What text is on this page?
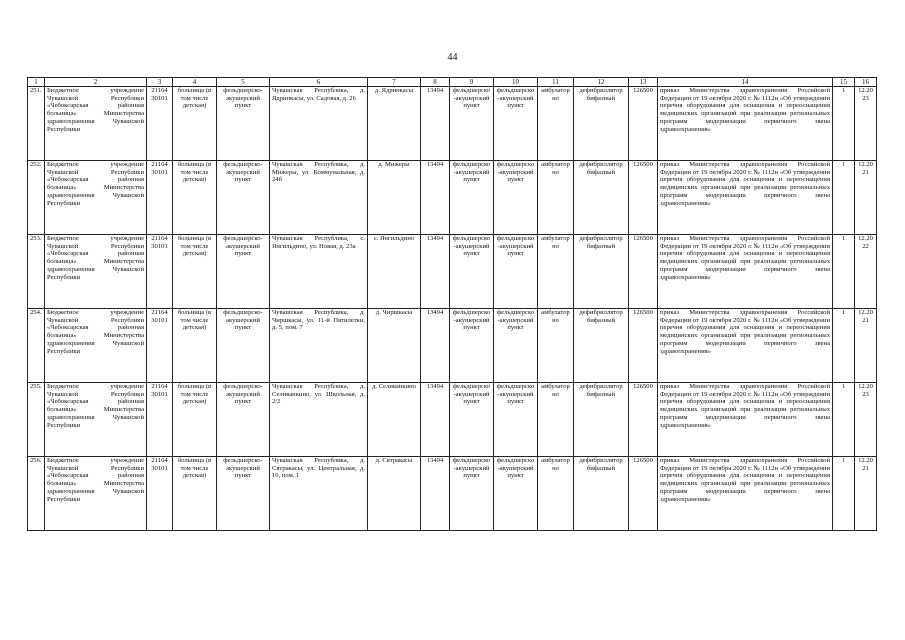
44
1	2	3	4	5	6	7	8	9	10	11	12	13	14	15	16
251.	Бюджетное учреждение Чувашской Республики «Чебоксарская районная больница» Министерства здравоохранения Чувашской Республики	21164 30101	больница (в том числе детская)	фельдшерско-акушерский пункт	Чувашская Республика, д. Ядринкасы, ул. Садовая, д. 26	д. Ядринкасы	13494	фельдшерско-акушерский пункт	фельдшерско-акушерский пункт	амбулаторно	дефибриллятор бифазный	126500	приказ Министерства здравоохранения Российской Федерации от 19 октября 2020 г. № 1112н «Об утверждении перечня оборудования для оснащения и переоснащения медицинских организаций при реализации региональных программ модернизации первичного звена здравоохранения»	1	12.2023
252.	Бюджетное учреждение Чувашской Республики «Чебоксарская районная больница» Министерства здравоохранения Чувашской Республики	21164 30101	больница (в том числе детская)	фельдшерско-акушерский пункт	Чувашская Республика, д. Мижеры, ул. Коммунальная, д. 24б	д. Мижеры	13494	фельдшерско-акушерский пункт	фельдшерско-акушерский пункт	амбулаторно	дефибриллятор бифазный	126500	приказ Министерства здравоохранения Российской Федерации от 19 октября 2020 г. № 1112н «Об утверждении перечня оборудования для оснащения и переоснащения медицинских организаций при реализации региональных программ модернизации первичного звена здравоохранения»	1	12.2021
253.	Бюджетное учреждение Чувашской Республики «Чебоксарская районная больница» Министерства здравоохранения Чувашской Республики	21164 30101	больница (в том числе детская)	фельдшерско-акушерский пункт	Чувашская Республика, с. Янгильдино, ул. Новая, д. 23а	с. Янгильдино	13494	фельдшерско-акушерский пункт	фельдшерско-акушерский пункт	амбулаторно	дефибриллятор бифазный	126500	приказ Министерства здравоохранения Российской Федерации от 19 октября 2020 г. № 1112н «Об утверждении перечня оборудования для оснащения и переоснащения медицинских организаций при реализации региональных программ модернизации первичного звена здравоохранения»	1	12.2022
254.	Бюджетное учреждение Чувашской Республики «Чебоксарская районная больница» Министерства здравоохранения Чувашской Республики	21164 30101	больница (в том числе детская)	фельдшерско-акушерский пункт	Чувашская Республика, д. Чиршкасы, ул. 11-й Пятилетки, д. 5, пом. 7	д. Чиршкасы	13494	фельдшерско-акушерский пункт	фельдшерско-акушерский пункт	амбулаторно	дефибриллятор бифазный	126500	приказ Министерства здравоохранения Российской Федерации от 19 октября 2020 г. № 1112н «Об утверждении перечня оборудования для оснащения и переоснащения медицинских организаций при реализации региональных программ модернизации первичного звена здравоохранения»	1	12.2021
255.	Бюджетное учреждение Чувашской Республики «Чебоксарская районная больница» Министерства здравоохранения Чувашской Республики	21164 30101	больница (в том числе детская)	фельдшерско-акушерский пункт	Чувашская Республика, д. Селиванкино, ул. Школьная, д. 2/2	д. Селиванкино	13494	фельдшерско-акушерский пункт	фельдшерско-акушерский пункт	амбулаторно	дефибриллятор бифазный	126500	приказ Министерства здравоохранения Российской Федерации от 19 октября 2020 г. № 1112н «Об утверждении перечня оборудования для оснащения и переоснащения медицинских организаций при реализации региональных программ модернизации первичного звена здравоохранения»	1	12.2023
256.	Бюджетное учреждение Чувашской Республики «Чебоксарская районная больница» Министерства здравоохранения Чувашской Республики	21164 30101	больница (в том числе детская)	фельдшерско-акушерский пункт	Чувашская Республика, д. Сятракасы, ул. Центральная, д. 10, пом. 1	д. Сятракасы	13494	фельдшерско-акушерский пункт	фельдшерско-акушерский пункт	амбулаторно	дефибриллятор бифазный	126500	приказ Министерства здравоохранения Российской Федерации от 19 октября 2020 г. № 1112н «Об утверждении перечня оборудования для оснащения и переоснащения медицинских организаций при реализации региональных программ модернизации первичного звена здравоохранения»	1	12.2021
